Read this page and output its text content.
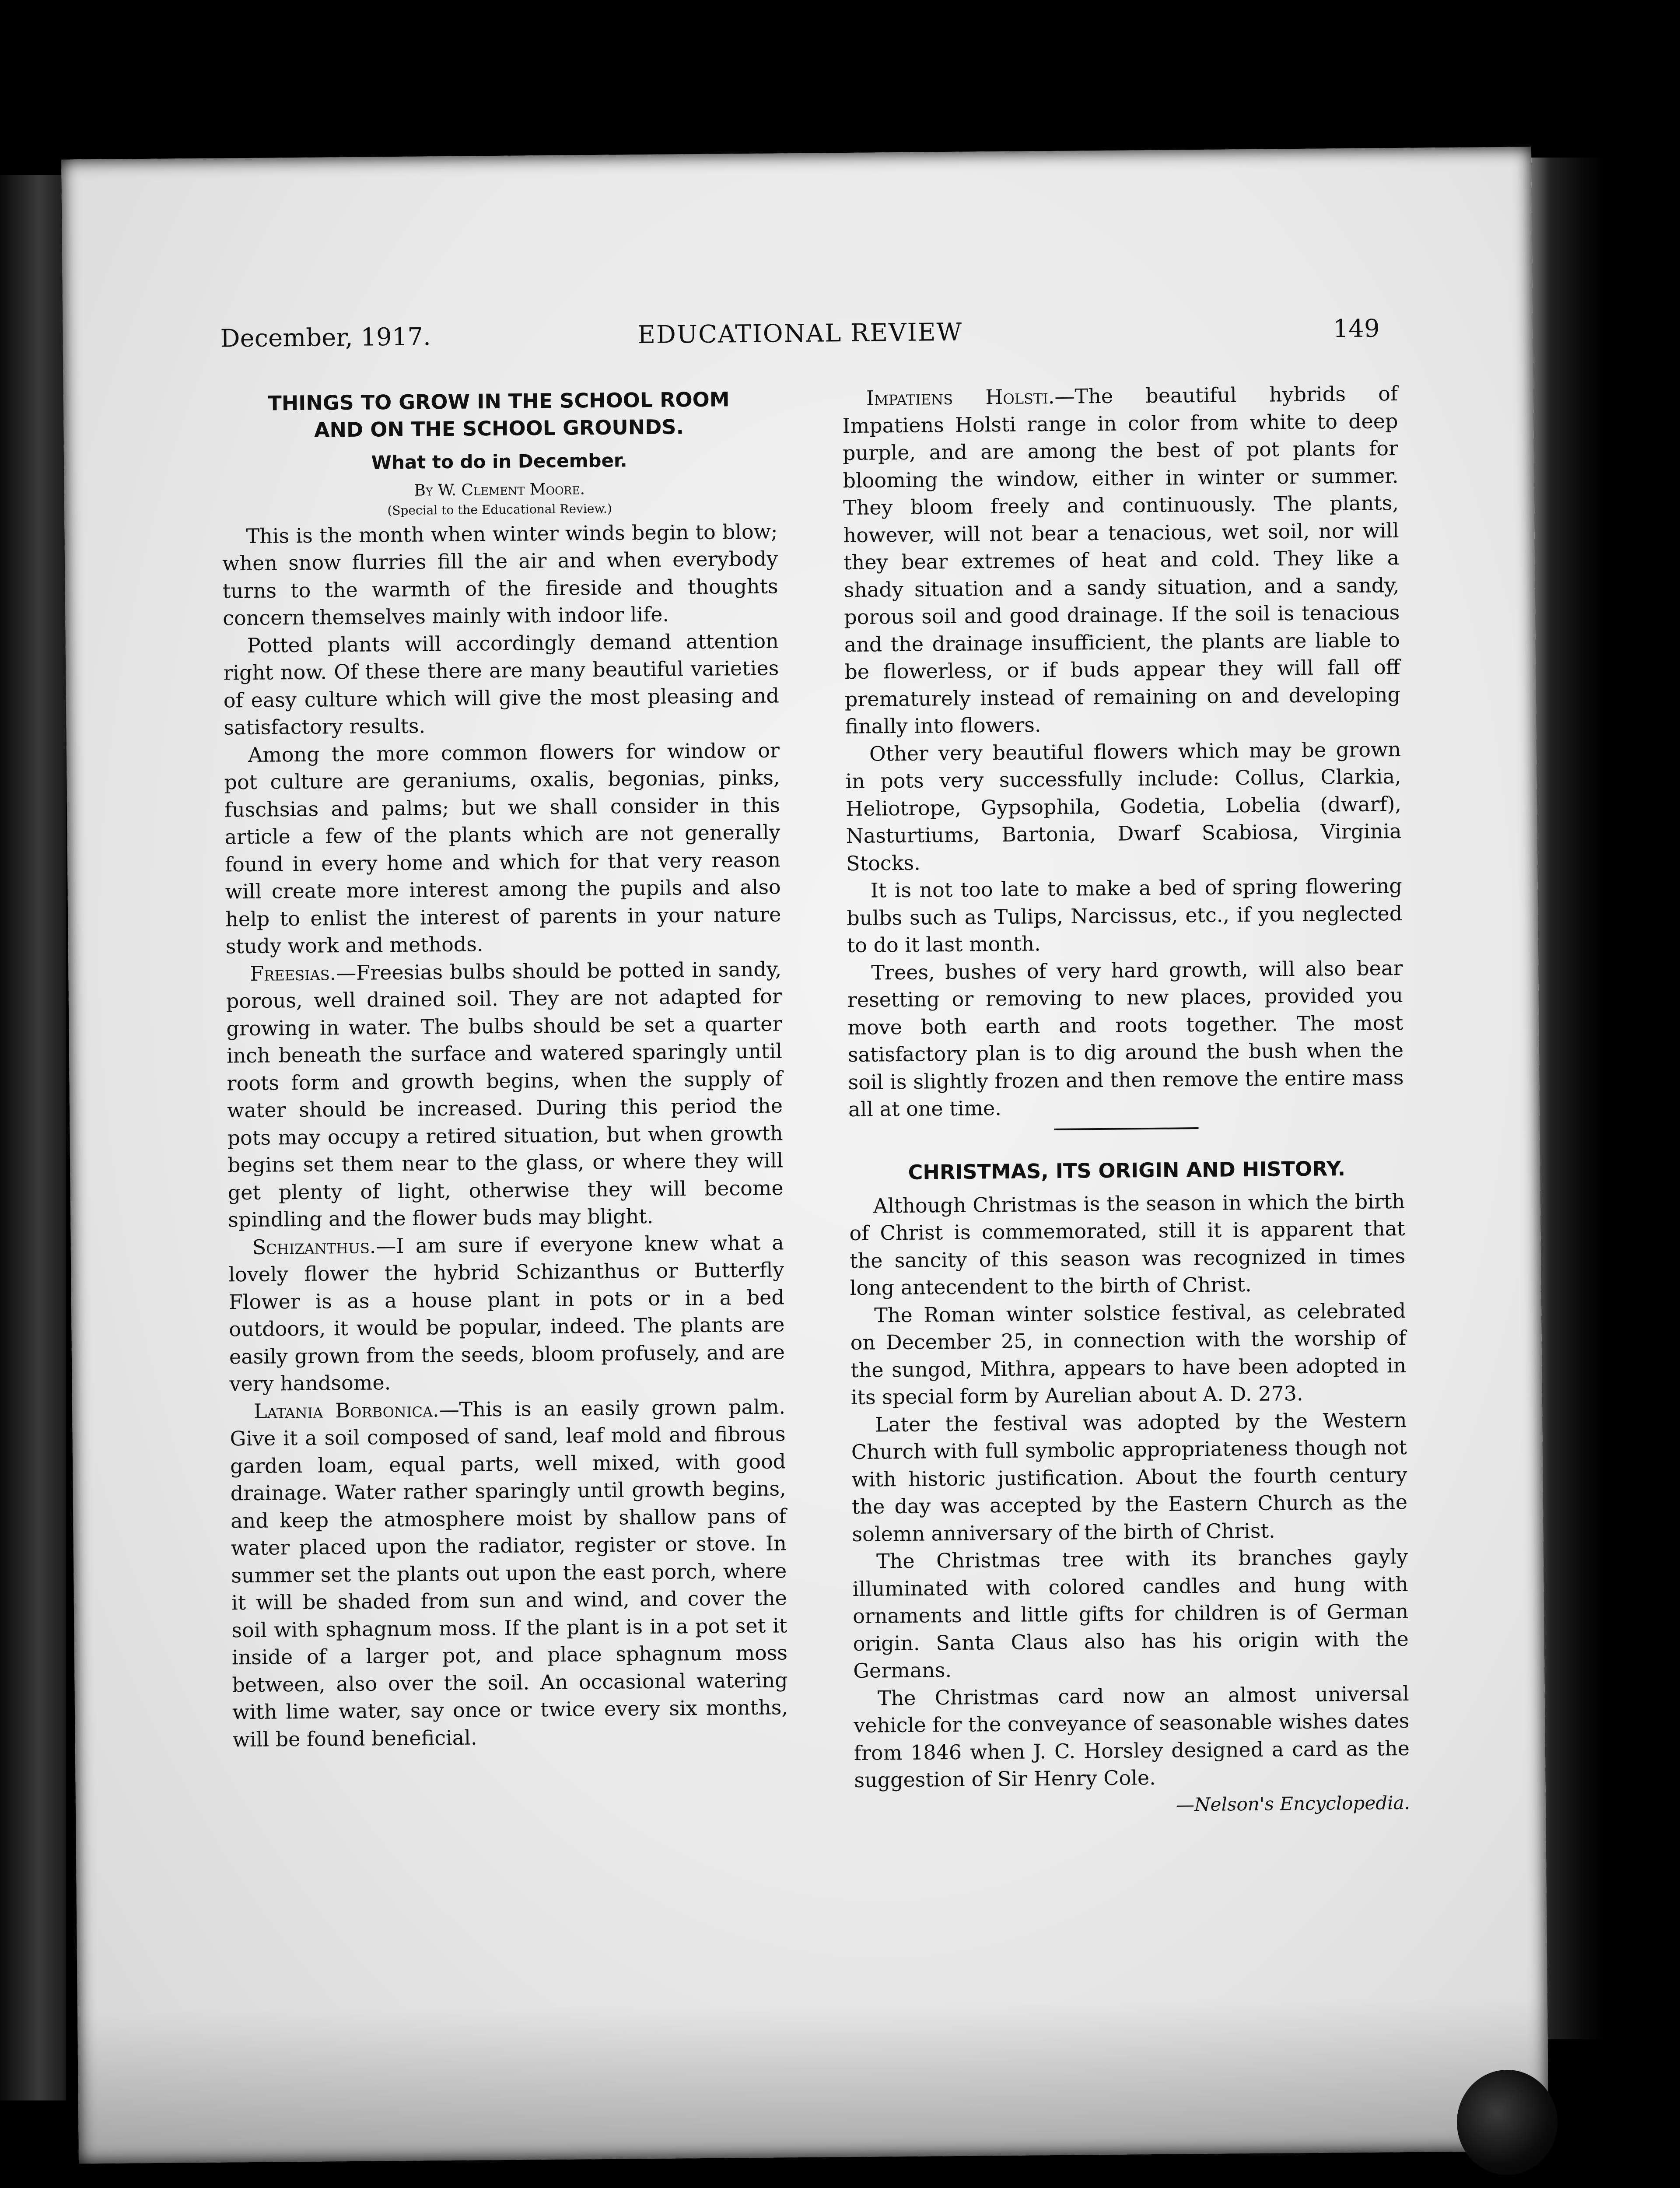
December, 1917.	EDUCATIONAL REVIEW	149
THINGS TO GROW IN THE SCHOOL ROOM
AND ON THE SCHOOL GROUNDS.
What to do in December.
By W. Clement Moore.
(Special to the Educational Review.)

This is the month when winter winds begin to blow; when snow flurries fill the air and when everybody turns to the warmth of the fireside and thoughts concern themselves mainly with indoor life.

Potted plants will accordingly demand attention right now. Of these there are many beautiful varieties of easy culture which will give the most pleasing and satisfactory results.

Among the more common flowers for window or pot culture are geraniums, oxalis, begonias, pinks, fuschsias and palms; but we shall consider in this article a few of the plants which are not generally found in every home and which for that very reason will create more interest among the pupils and also help to enlist the interest of parents in your nature study work and methods.

Freesias.—Freesias bulbs should be potted in sandy, porous, well drained soil. They are not adapted for growing in water. The bulbs should be set a quarter inch beneath the surface and watered sparingly until roots form and growth begins, when the supply of water should be increased. During this period the pots may occupy a retired situation, but when growth begins set them near to the glass, or where they will get plenty of light, otherwise they will become spindling and the flower buds may blight.

Schizanthus.—I am sure if everyone knew what a lovely flower the hybrid Schizanthus or Butterfly Flower is as a house plant in pots or in a bed outdoors, it would be popular, indeed. The plants are easily grown from the seeds, bloom profusely, and are very handsome.

Latania Borbonica.—This is an easily grown palm. Give it a soil composed of sand, leaf mold and fibrous garden loam, equal parts, well mixed, with good drainage. Water rather sparingly until growth begins, and keep the atmosphere moist by shallow pans of water placed upon the radiator, register or stove. In summer set the plants out upon the east porch, where it will be shaded from sun and wind, and cover the soil with sphagnum moss. If the plant is in a pot set it inside of a larger pot, and place sphagnum moss between, also over the soil. An occasional watering with lime water, say once or twice every six months, will be found beneficial.

Impatiens Holsti.—The beautiful hybrids of Impatiens Holsti range in color from white to deep purple, and are among the best of pot plants for blooming the window, either in winter or summer. They bloom freely and continuously. The plants, however, will not bear a tenacious, wet soil, nor will they bear extremes of heat and cold. They like a shady situation and a sandy situation, and a sandy, porous soil and good drainage. If the soil is tenacious and the drainage insufficient, the plants are liable to be flowerless, or if buds appear they will fall off prematurely instead of remaining on and developing finally into flowers.

Other very beautiful flowers which may be grown in pots very successfully include: Collus, Clarkia, Heliotrope, Gypsophila, Godetia, Lobelia (dwarf), Nasturtiums, Bartonia, Dwarf Scabiosa, Virginia Stocks.

It is not too late to make a bed of spring flowering bulbs such as Tulips, Narcissus, etc., if you neglected to do it last month.

Trees, bushes of very hard growth, will also bear resetting or removing to new places, provided you move both earth and roots together. The most satisfactory plan is to dig around the bush when the soil is slightly frozen and then remove the entire mass all at one time.

CHRISTMAS, ITS ORIGIN AND HISTORY.

Although Christmas is the season in which the birth of Christ is commemorated, still it is apparent that the sancity of this season was recognized in times long antecendent to the birth of Christ.

The Roman winter solstice festival, as celebrated on December 25, in connection with the worship of the sungod, Mithra, appears to have been adopted in its special form by Aurelian about A. D. 273.

Later the festival was adopted by the Western Church with full symbolic appropriateness though not with historic justification. About the fourth century the day was accepted by the Eastern Church as the solemn anniversary of the birth of Christ.

The Christmas tree with its branches gayly illuminated with colored candles and hung with ornaments and little gifts for children is of German origin. Santa Claus also has his origin with the Germans.

The Christmas card now an almost universal vehicle for the conveyance of seasonable wishes dates from 1846 when J. C. Horsley designed a card as the suggestion of Sir Henry Cole.

—Nelson's Encyclopedia.
